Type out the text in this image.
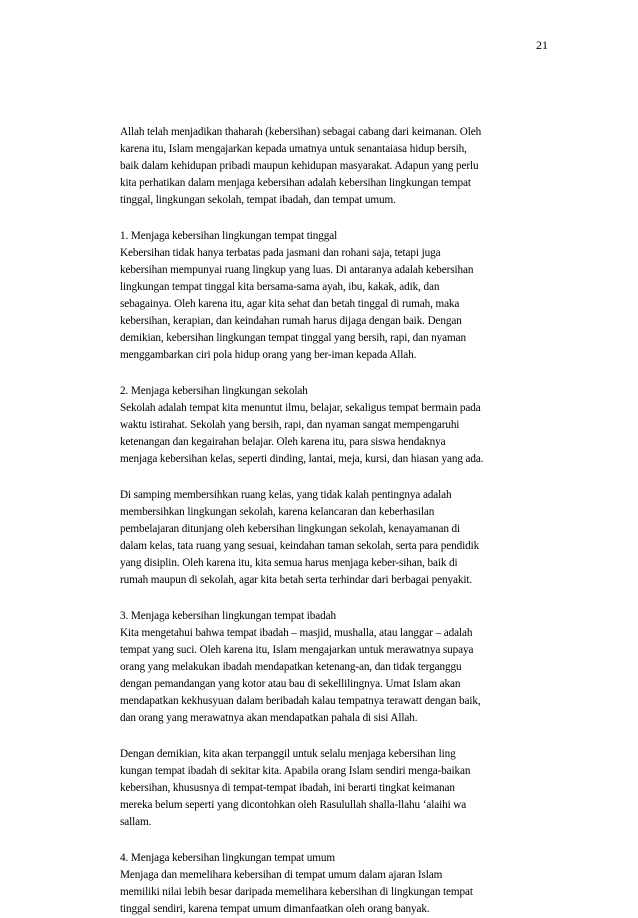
21

Allah telah menjadikan thaharah (kebersihan) sebagai cabang dari keimanan. Oleh
karena itu, Islam mengajarkan kepada umatnya untuk senantaiasa hidup bersih,
baik dalam kehidupan pribadi maupun kehidupan masyarakat. Adapun yang perlu
kita perhatikan dalam menjaga kebersihan adalah kebersihan lingkungan tempat
tinggal, lingkungan sekolah, tempat ibadah, dan tempat umum.

1. Menjaga kebersihan lingkungan tempat tinggal
Kebersihan tidak hanya terbatas pada jasmani dan rohani saja, tetapi juga
kebersihan mempunyai ruang lingkup yang luas. Di antaranya adalah kebersihan
lingkungan tempat tinggal kita bersama-sama ayah, ibu, kakak, adik, dan
sebagainya. Oleh karena itu, agar kita sehat dan betah tinggal di rumah, maka
kebersihan, kerapian, dan keindahan rumah harus dijaga dengan baik. Dengan
demikian, kebersihan lingkungan tempat tinggal yang bersih, rapi, dan nyaman
menggambarkan ciri pola hidup orang yang ber-iman kepada Allah.

2. Menjaga kebersihan lingkungan sekolah
Sekolah adalah tempat kita menuntut ilmu, belajar, sekaligus tempat bermain pada
waktu istirahat. Sekolah yang bersih, rapi, dan nyaman sangat mempengaruhi
ketenangan dan kegairahan belajar. Oleh karena itu, para siswa hendaknya
menjaga kebersihan kelas, seperti dinding, lantai, meja, kursi, dan hiasan yang ada.

Di samping membersihkan ruang kelas, yang tidak kalah pentingnya adalah
membersihkan lingkungan sekolah, karena kelancaran dan keberhasilan
pembelajaran ditunjang oleh kebersihan lingkungan sekolah, kenayamanan di
dalam kelas, tata ruang yang sesuai, keindahan taman sekolah, serta para pendidik
yang disiplin. Oleh karena itu, kita semua harus menjaga keber-sihan, baik di
rumah maupun di sekolah, agar kita betah serta terhindar dari berbagai penyakit.

3. Menjaga kebersihan lingkungan tempat ibadah
Kita mengetahui bahwa tempat ibadah – masjid, mushalla, atau langgar – adalah
tempat yang suci. Oleh karena itu, Islam mengajarkan untuk merawatnya supaya
orang yang melakukan ibadah mendapatkan ketenang-an, dan tidak terganggu
dengan pemandangan yang kotor atau bau di sekellilingnya. Umat Islam akan
mendapatkan kekhusyuan dalam beribadah kalau tempatnya terawatt dengan baik,
dan orang yang merawatnya akan mendapatkan pahala di sisi Allah.

Dengan demikian, kita akan terpanggil untuk selalu menjaga kebersihan ling
kungan tempat ibadah di sekitar kita. Apabila orang Islam sendiri menga-baikan
kebersihan, khususnya di tempat-tempat ibadah, ini berarti tingkat keimanan
mereka belum seperti yang dicontohkan oleh Rasulullah shalla-llahu ‘alaihi wa
sallam.

4. Menjaga kebersihan lingkungan tempat umum
Menjaga dan memelihara kebersihan di tempat umum dalam ajaran Islam
memiliki nilai lebih besar daripada memelihara kebersihan di lingkungan tempat
tinggal sendiri, karena tempat umum dimanfaatkan oleh orang banyak.
